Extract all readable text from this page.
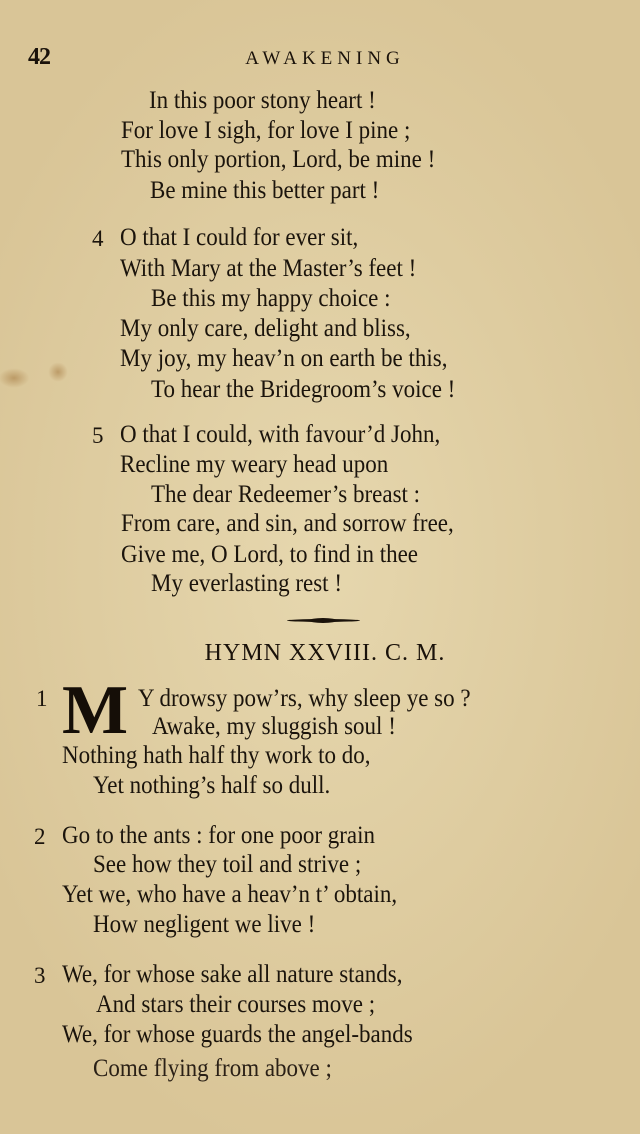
42	AWAKENING
In this poor stony heart !
For love I sigh, for love I pine ;
This only portion, Lord, be mine !
Be mine this better part !
4 O that I could for ever sit,
With Mary at the Master’s feet !
Be this my happy choice :
My only care, delight and bliss,
My joy, my heav’n on earth be this,
To hear the Bridegroom’s voice !
5 O that I could, with favour’d John,
Recline my weary head upon
The dear Redeemer’s breast :
From care, and sin, and sorrow free,
Give me, O Lord, to find in thee
My everlasting rest !
HYMN XXVIII. C. M.
1 M Y drowsy pow’rs, why sleep ye so ?
Awake, my sluggish soul !
Nothing hath half thy work to do,
Yet nothing’s half so dull.
2 Go to the ants : for one poor grain
See how they toil and strive ;
Yet we, who have a heav’n t’ obtain,
How negligent we live !
3 We, for whose sake all nature stands,
And stars their courses move ;
We, for whose guards the angel-bands
Come flying from above ;
